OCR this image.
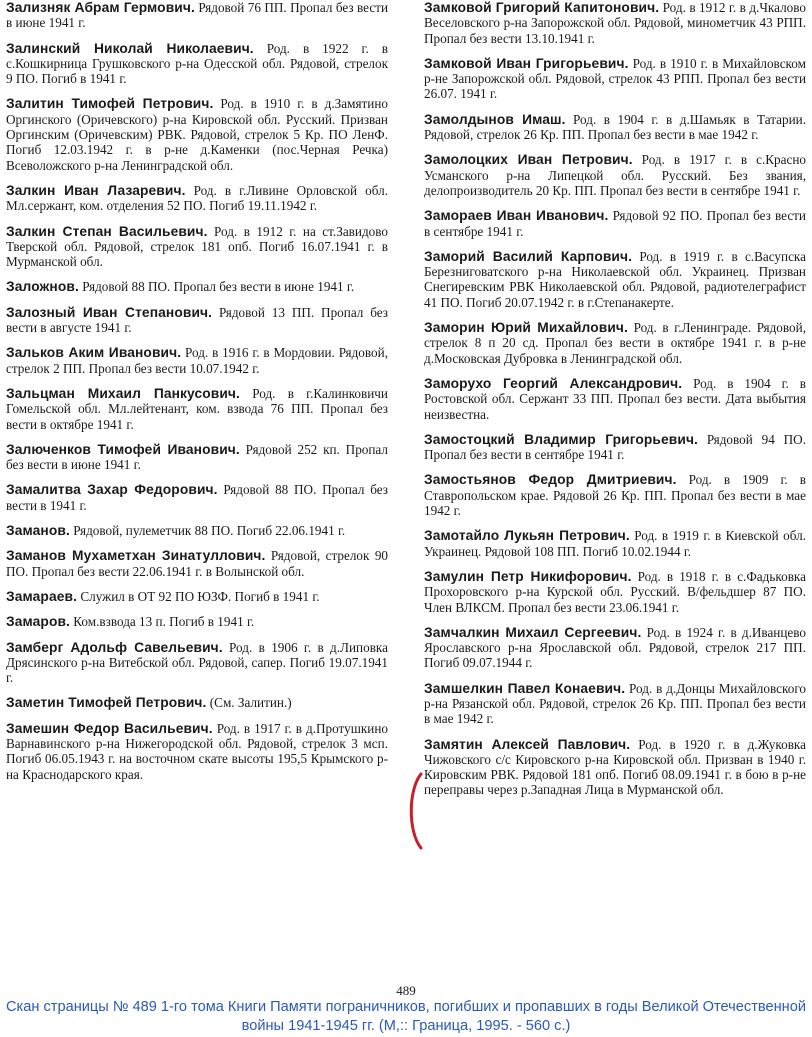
Зализняк Абрам Гермович. Рядовой 76 ПП. Пропал без вести в июне 1941 г.
Залинский Николай Николаевич. Род. в 1922 г. в с.Кошкирница Грушковского р-на Одесской обл. Рядовой, стрелок 9 ПО. Погиб в 1941 г.
Залитин Тимофей Петрович. Род. в 1910 г. в д.Замятино Оргинского (Оричевского) р-на Кировской обл. Русский. Призван Оргинским (Оричевским) РВК. Рядовой, стрелок 5 Кр. ПО ЛенФ. Погиб 12.03.1942 г. в р-не д.Каменки (пос.Черная Речка) Всеволожского р-на Ленинградской обл.
Залкин Иван Лазаревич. Род. в г.Ливине Орловской обл. Мл.сержант, ком. отделения 52 ПО. Погиб 19.11.1942 г.
Залкин Степан Васильевич. Род. в 1912 г. на ст.Завидово Тверской обл. Рядовой, стрелок 181 опб. Погиб 16.07.1941 г. в Мурманской обл.
Заложнов. Рядовой 88 ПО. Пропал без вести в июне 1941 г.
Залозный Иван Степанович. Рядовой 13 ПП. Пропал без вести в августе 1941 г.
Зальков Аким Иванович. Род. в 1916 г. в Мордовии. Рядовой, стрелок 2 ПП. Пропал без вести 10.07.1942 г.
Зальцман Михаил Панкусович. Род. в г.Калинковичи Гомельской обл. Мл.лейтенант, ком. взвода 76 ПП. Пропал без вести в октябре 1941 г.
Залюченков Тимофей Иванович. Рядовой 252 кп. Пропал без вести в июне 1941 г.
Замалитва Захар Федорович. Рядовой 88 ПО. Пропал без вести в 1941 г.
Заманов. Рядовой, пулеметчик 88 ПО. Погиб 22.06.1941 г.
Заманов Мухаметхан Зинатуллович. Рядовой, стрелок 90 ПО. Пропал без вести 22.06.1941 г. в Волынской обл.
Замараев. Служил в ОТ 92 ПО ЮЗФ. Погиб в 1941 г.
Замаров. Ком.взвода 13 п. Погиб в 1941 г.
Замберг Адольф Савельевич. Род. в 1906 г. в д.Липовка Дрясинского р-на Витебской обл. Рядовой, сапер. Погиб 19.07.1941 г.
Заметин Тимофей Петрович. (См. Залитин.)
Замешин Федор Васильевич. Род. в 1917 г. в д.Протушкино Варнавинского р-на Нижегородской обл. Рядовой, стрелок 3 мсп. Погиб 06.05.1943 г. на восточном скате высоты 195,5 Крымского р-на Краснодарского края.
Замковой Григорий Капитонович. Род. в 1912 г. в д.Чкалово Веселовского р-на Запорожской обл. Рядовой, минометчик 43 РПП. Пропал без вести 13.10.1941 г.
Замковой Иван Григорьевич. Род. в 1910 г. в Михайловском р-не Запорожской обл. Рядовой, стрелок 43 РПП. Пропал без вести 26.07. 1941 г.
Замолдынов Имаш. Род. в 1904 г. в д.Шамьяк в Татарии. Рядовой, стрелок 26 Кр. ПП. Пропал без вести в мае 1942 г.
Замолоцких Иван Петрович. Род. в 1917 г. в с.Красно Усманского р-на Липецкой обл. Русский. Без звания, делопроизводитель 20 Кр. ПП. Пропал без вести в сентябре 1941 г.
Замораев Иван Иванович. Рядовой 92 ПО. Пропал без вести в сентябре 1941 г.
Заморий Василий Карпович. Род. в 1919 г. в с.Васупска Березниговатского р-на Николаевской обл. Украинец. Призван Снегиревским РВК Николаевской обл. Рядовой, радиотелеграфист 41 ПО. Погиб 20.07.1942 г. в г.Степанакерте.
Заморин Юрий Михайлович. Род. в г.Ленинграде. Рядовой, стрелок 8 п 20 сд. Пропал без вести в октябре 1941 г. в р-не д.Московская Дубровка в Ленинградской обл.
Заморухо Георгий Александрович. Род. в 1904 г. в Ростовской обл. Сержант 33 ПП. Пропал без вести. Дата выбытия неизвестна.
Замостоцкий Владимир Григорьевич. Рядовой 94 ПО. Пропал без вести в сентябре 1941 г.
Замостьянов Федор Дмитриевич. Род. в 1909 г. в Ставропольском крае. Рядовой 26 Кр. ПП. Пропал без вести в мае 1942 г.
Замотайло Лукьян Петрович. Род. в 1919 г. в Киевской обл. Украинец. Рядовой 108 ПП. Погиб 10.02.1944 г.
Замулин Петр Никифорович. Род. в 1918 г. в с.Фадьковка Прохоровского р-на Курской обл. Русский. В/фельдшер 87 ПО. Член ВЛКСМ. Пропал без вести 23.06.1941 г.
Замчалкин Михаил Сергеевич. Род. в 1924 г. в д.Иванцево Ярославского р-на Ярославской обл. Рядовой, стрелок 217 ПП. Погиб 09.07.1944 г.
Замшелкин Павел Конаевич. Род. в д.Донцы Михайловского р-на Рязанской обл. Рядовой, стрелок 26 Кр. ПП. Пропал без вести в мае 1942 г.
Замятин Алексей Павлович. Род. в 1920 г. в д.Жуковка Чижовского с/с Кировского р-на Кировской обл. Призван в 1940 г. Кировским РВК. Рядовой 181 опб. Погиб 08.09.1941 г. в бою в р-не переправы через р.Западная Лица в Мурманской обл.
489
Скан страницы № 489 1-го тома Книги Памяти пограничников, погибших и пропавших в годы Великой Отечественной войны 1941-1945 гг. (М,:: Граница, 1995. - 560 с.)
